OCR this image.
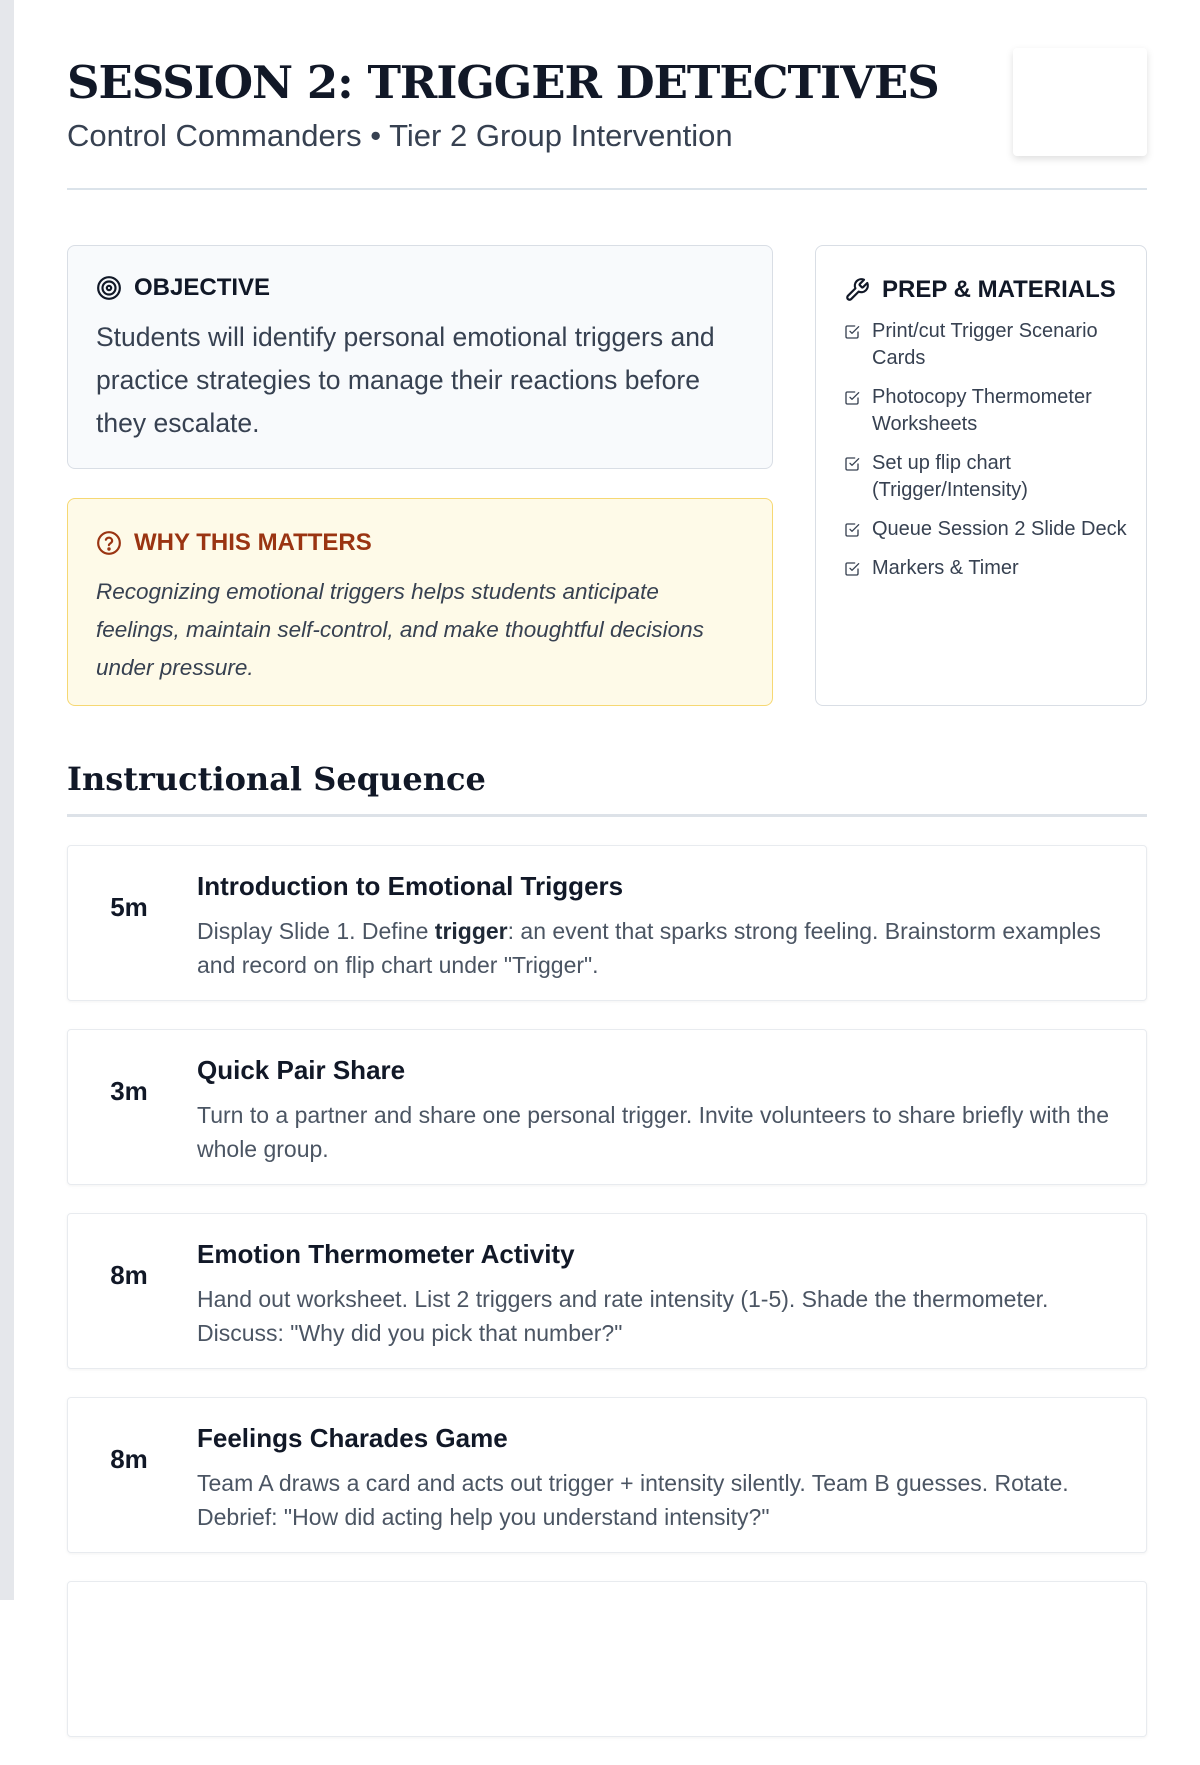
SESSION 2: TRIGGER DETECTIVES
Control Commanders • Tier 2 Group Intervention
OBJECTIVE
Students will identify personal emotional triggers and practice strategies to manage their reactions before they escalate.
WHY THIS MATTERS
Recognizing emotional triggers helps students anticipate feelings, maintain self-control, and make thoughtful decisions under pressure.
PREP & MATERIALS
Print/cut Trigger Scenario Cards
Photocopy Thermometer Worksheets
Set up flip chart (Trigger/Intensity)
Queue Session 2 Slide Deck
Markers & Timer
Instructional Sequence
5m
Introduction to Emotional Triggers
Display Slide 1. Define trigger: an event that sparks strong feeling. Brainstorm examples and record on flip chart under "Trigger".
3m
Quick Pair Share
Turn to a partner and share one personal trigger. Invite volunteers to share briefly with the whole group.
8m
Emotion Thermometer Activity
Hand out worksheet. List 2 triggers and rate intensity (1-5). Shade the thermometer. Discuss: "Why did you pick that number?"
8m
Feelings Charades Game
Team A draws a card and acts out trigger + intensity silently. Team B guesses. Rotate. Debrief: "How did acting help you understand intensity?"
